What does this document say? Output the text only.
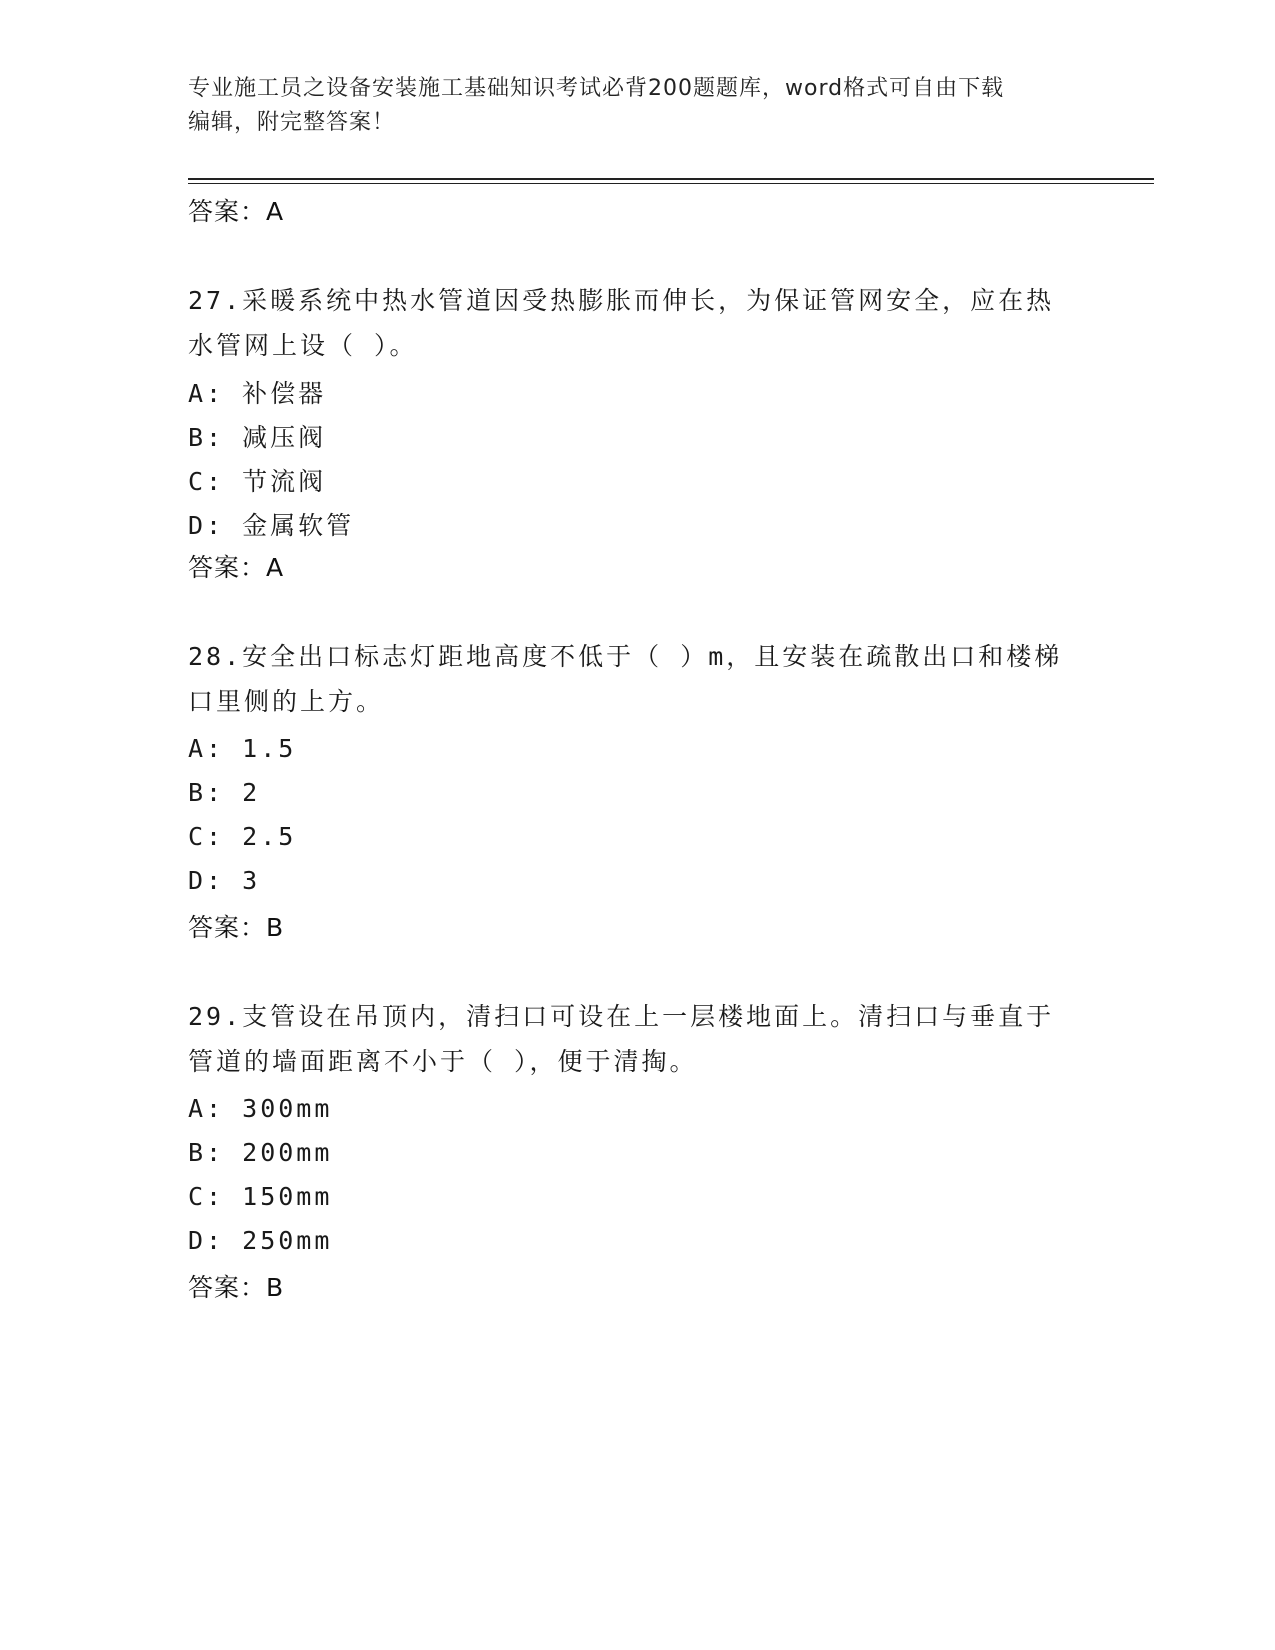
专业施工员之设备安装施工基础知识考试必背200题题库，word格式可自由下载
编辑，附完整答案！
答案：A
27.采暖系统中热水管道因受热膨胀而伸长，为保证管网安全，应在热
水管网上设（ ）。
A: 补偿器
B: 减压阀
C: 节流阀
D: 金属软管
答案：A
28.安全出口标志灯距地高度不低于（ ）m，且安装在疏散出口和楼梯
口里侧的上方。
A: 1.5
B: 2
C: 2.5
D: 3
答案：B
29.支管设在吊顶内，清扫口可设在上一层楼地面上。清扫口与垂直于
管道的墙面距离不小于（ ），便于清掏。
A: 300mm
B: 200mm
C: 150mm
D: 250mm
答案：B
